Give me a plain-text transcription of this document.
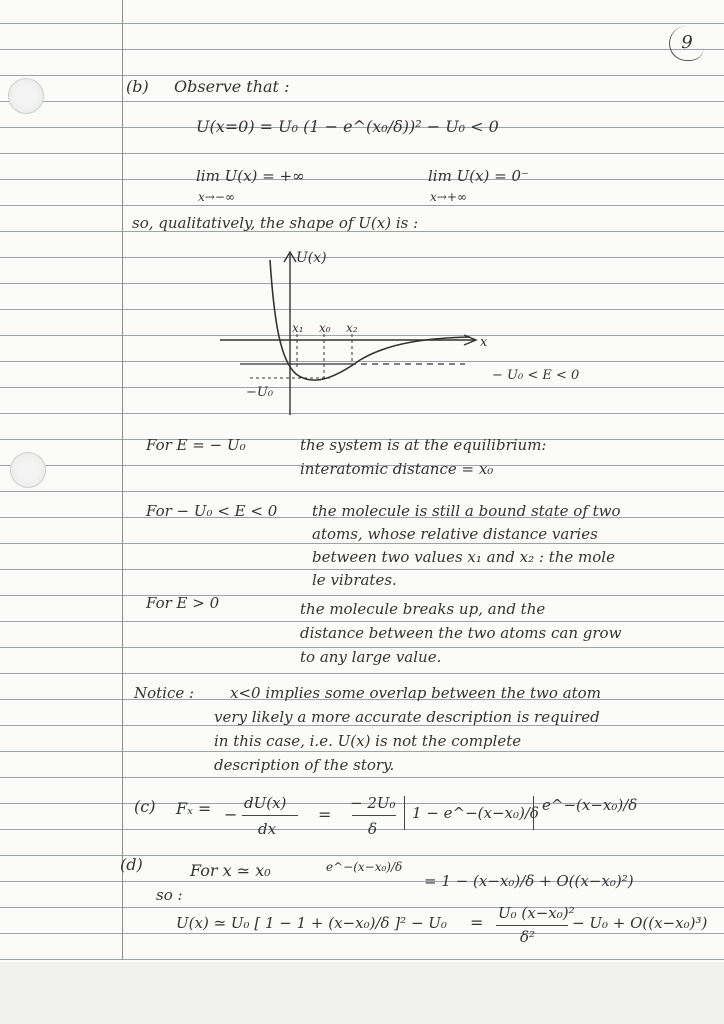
9
(b) Observe that :
U(x=0) = U₀ (1 − e^(x₀/δ))² − U₀ < 0
lim U(x) = +∞
x→−∞
lim U(x) = 0⁻
x→+∞
so, qualitatively, the shape of U(x) is :
U(x)
x
x₁ x₀ x₂
−U₀
− U₀ < E < 0
For E = − U₀	the system is at the equilibrium:
interatomic distance = x₀
For − U₀ < E < 0 the molecule is still a bound state of two
atoms, whose relative distance varies
between two values x₁ and x₂ : the mole
le vibrates.
For E > 0	the molecule breaks up, and the
distance between the two atoms can grow
to any large value.
Notice : x<0 implies some overlap between the two atom
very likely a more accurate description is required
in this case, i.e. U(x) is not the complete
description of the story.
(c) Fₓ = −
dU(x)
dx
=
− 2U₀
δ
1 − e^−(x−x₀)/δ e^−(x−x₀)/δ
(d)	For x ≃ x₀	e^−(x−x₀)/δ
= 1 − (x−x₀)/δ + O((x−x₀)²)
so :
U(x) ≃ U₀ [ 1 − 1 + (x−x₀)/δ ]² − U₀ = U₀ (x−x₀)²
δ²
− U₀ + O((x−x₀)³)
